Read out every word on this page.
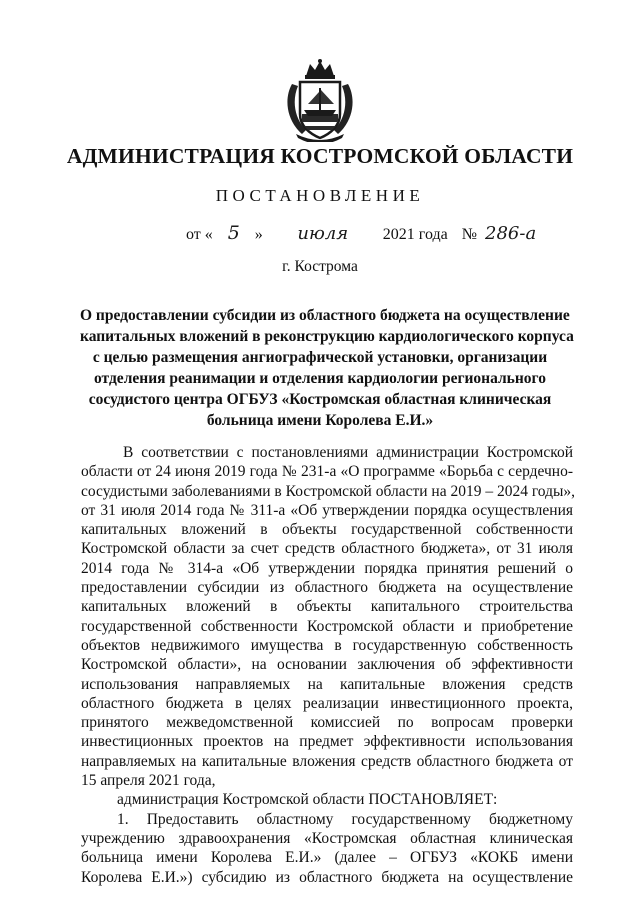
АДМИНИСТРАЦИЯ КОСТРОМСКОЙ ОБЛАСТИ
ПОСТАНОВЛЕНИЕ
от « 5 » июля 2021 года № 286-а
г. Кострома
О предоставлении субсидии из областного бюджета на осуществление
капитальных вложений в реконструкцию кардиологического корпуса
с целью размещения ангиографической установки, организации
отделения реанимации и отделения кардиологии регионального
сосудистого центра ОГБУЗ «Костромская областная клиническая
больница имени Королева Е.И.»
В соответствии с постановлениями администрации Костромской
области от 24 июня 2019 года № 231-а «О программе «Борьба с сердечно-
сосудистыми заболеваниями в Костромской области на 2019 – 2024 годы»,
от 31 июля 2014 года № 311-а «Об утверждении порядка осуществления
капитальных вложений в объекты государственной собственности
Костромской области за счет средств областного бюджета», от 31 июля
2014 года № 314-а «Об утверждении порядка принятия решений о
предоставлении субсидии из областного бюджета на осуществление
капитальных вложений в объекты капитального строительства
государственной собственности Костромской области и приобретение
объектов недвижимого имущества в государственную собственность
Костромской области», на основании заключения об эффективности
использования направляемых на капитальные вложения средств
областного бюджета в целях реализации инвестиционного проекта,
принятого межведомственной комиссией по вопросам проверки
инвестиционных проектов на предмет эффективности использования
направляемых на капитальные вложения средств областного бюджета от
15 апреля 2021 года,
администрация Костромской области ПОСТАНОВЛЯЕТ:
1. Предоставить областному государственному бюджетному
учреждению здравоохранения «Костромская областная клиническая
больница имени Королева Е.И.» (далее – ОГБУЗ «КОКБ имени
Королева Е.И.») субсидию из областного бюджета на осуществление
